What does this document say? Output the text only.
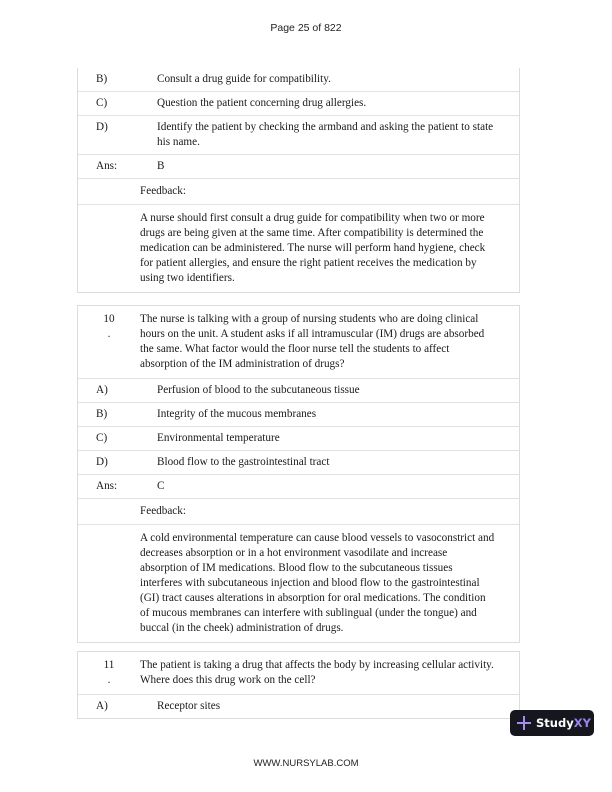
Page 25 of 822
B)	Consult a drug guide for compatibility.
C)	Question the patient concerning drug allergies.
D)	Identify the patient by checking the armband and asking the patient to state his name.
Ans:	B
Feedback:
A nurse should first consult a drug guide for compatibility when two or more drugs are being given at the same time. After compatibility is determined the medication can be administered. The nurse will perform hand hygiene, check for patient allergies, and ensure the right patient receives the medication by using two identifiers.
10
.
The nurse is talking with a group of nursing students who are doing clinical hours on the unit. A student asks if all intramuscular (IM) drugs are absorbed the same. What factor would the floor nurse tell the students to affect absorption of the IM administration of drugs?
A)	Perfusion of blood to the subcutaneous tissue
B)	Integrity of the mucous membranes
C)	Environmental temperature
D)	Blood flow to the gastrointestinal tract
Ans:	C
Feedback:
A cold environmental temperature can cause blood vessels to vasoconstrict and decreases absorption or in a hot environment vasodilate and increase absorption of IM medications. Blood flow to the subcutaneous tissues interferes with subcutaneous injection and blood flow to the gastrointestinal (GI) tract causes alterations in absorption for oral medications. The condition of mucous membranes can interfere with sublingual (under the tongue) and buccal (in the cheek) administration of drugs.
11
.
The patient is taking a drug that affects the body by increasing cellular activity. Where does this drug work on the cell?
A)	Receptor sites
Study XY
WWW.NURSYLAB.COM
